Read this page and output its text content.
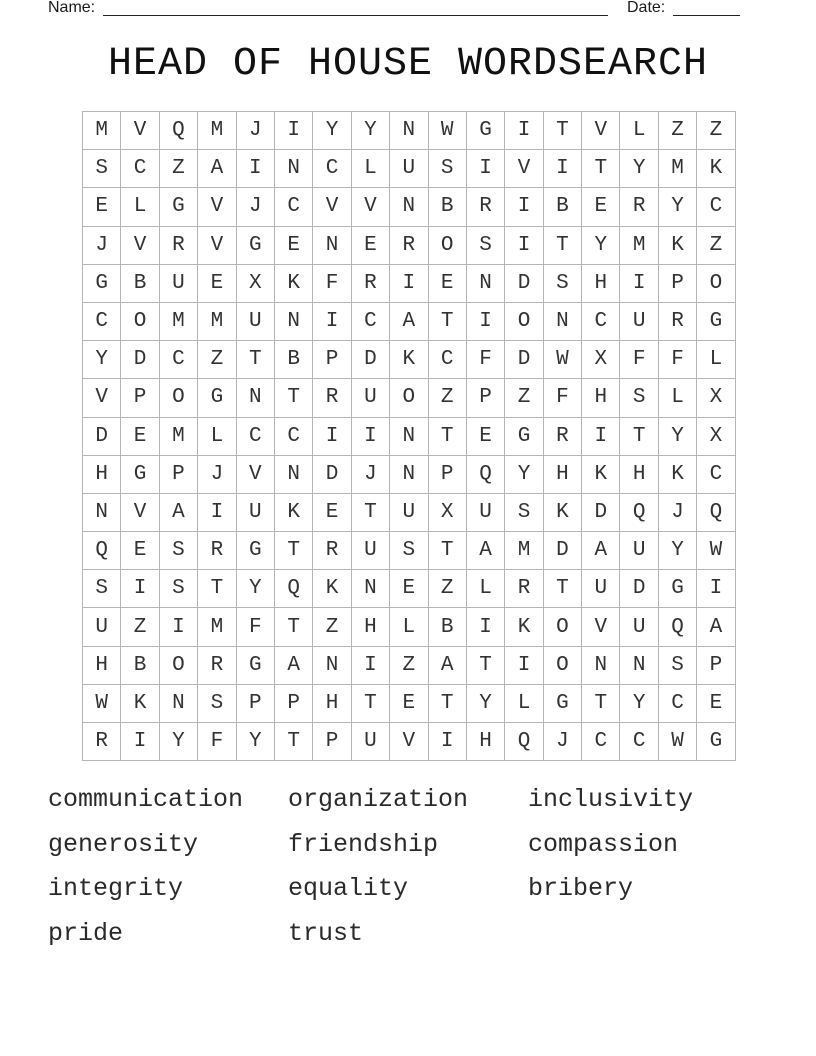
Name:	Date:
HEAD OF HOUSE WORDSEARCH
M	V	Q	M	J	I	Y	Y	N	W	G	I	T	V	L	Z	Z
S	C	Z	A	I	N	C	L	U	S	I	V	I	T	Y	M	K
E	L	G	V	J	C	V	V	N	B	R	I	B	E	R	Y	C
J	V	R	V	G	E	N	E	R	O	S	I	T	Y	M	K	Z
G	B	U	E	X	K	F	R	I	E	N	D	S	H	I	P	O
C	O	M	M	U	N	I	C	A	T	I	O	N	C	U	R	G
Y	D	C	Z	T	B	P	D	K	C	F	D	W	X	F	F	L
V	P	O	G	N	T	R	U	O	Z	P	Z	F	H	S	L	X
D	E	M	L	C	C	I	I	N	T	E	G	R	I	T	Y	X
H	G	P	J	V	N	D	J	N	P	Q	Y	H	K	H	K	C
N	V	A	I	U	K	E	T	U	X	U	S	K	D	Q	J	Q
Q	E	S	R	G	T	R	U	S	T	A	M	D	A	U	Y	W
S	I	S	T	Y	Q	K	N	E	Z	L	R	T	U	D	G	I
U	Z	I	M	F	T	Z	H	L	B	I	K	O	V	U	Q	A
H	B	O	R	G	A	N	I	Z	A	T	I	O	N	N	S	P
W	K	N	S	P	P	H	T	E	T	Y	L	G	T	Y	C	E
R	I	Y	F	Y	T	P	U	V	I	H	Q	J	C	C	W	G
communication organization inclusivity
generosity	friendship	compassion
integrity	equality	bribery
pride	trust
